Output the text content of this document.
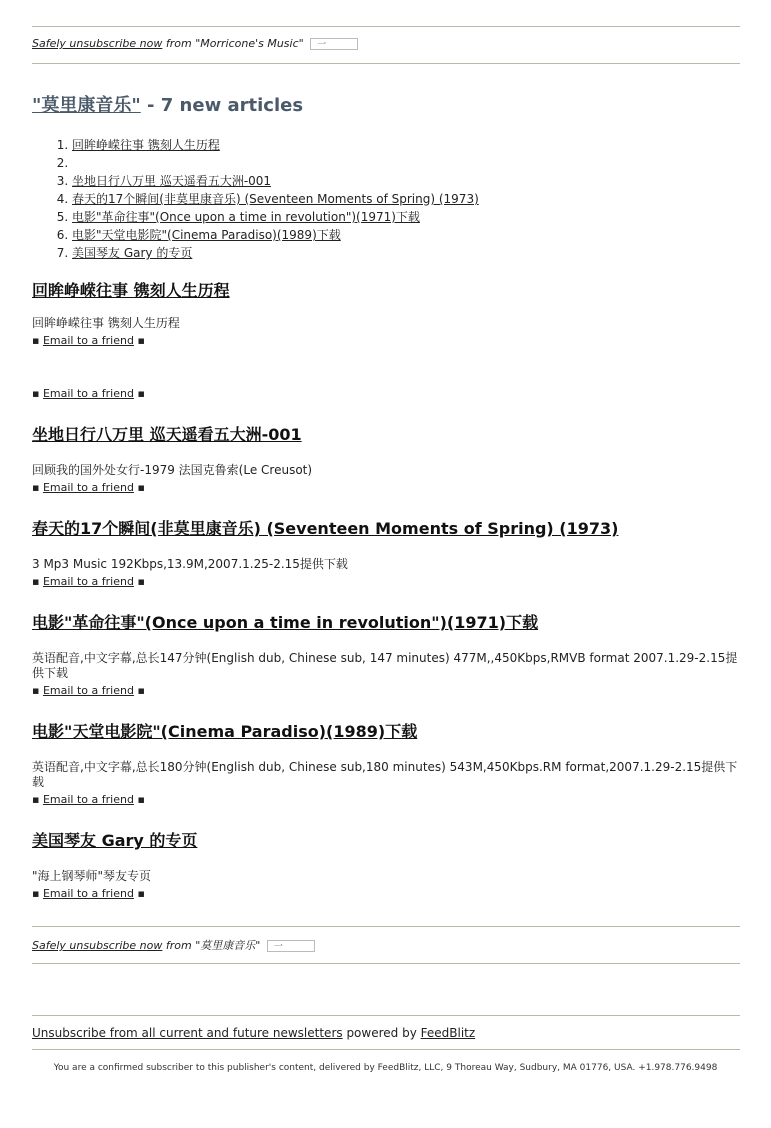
Safely unsubscribe now from "Morricone's Music" 一
"莫里康音乐" - 7 new articles
1. 回眸峥嵘往事 镌刻人生历程
2.
3. 坐地日行八万里 巡天遥看五大洲-001
4. 春天的17个瞬间(非莫里康音乐) (Seventeen Moments of Spring) (1973)
5. 电影"革命往事"(Once upon a time in revolution")(1971)下载
6. 电影"天堂电影院"(Cinema Paradiso)(1989)下载
7. 美国琴友 Gary 的专页
回眸峥嵘往事 镌刻人生历程
回眸峥嵘往事 镌刻人生历程
▪ Email to a friend ▪
▪ Email to a friend ▪
坐地日行八万里 巡天遥看五大洲-001
回顾我的国外处女行-1979 法国克鲁索(Le Creusot)
▪ Email to a friend ▪
春天的17个瞬间(非莫里康音乐) (Seventeen Moments of Spring) (1973)
3 Mp3 Music 192Kbps,13.9M,2007.1.25-2.15提供下载
▪ Email to a friend ▪
电影"革命往事"(Once upon a time in revolution")(1971)下载
英语配音,中文字幕,总长147分钟(English dub, Chinese sub, 147 minutes) 477M,,450Kbps,RMVB format 2007.1.29-2.15提供下载
▪ Email to a friend ▪
电影"天堂电影院"(Cinema Paradiso)(1989)下载
英语配音,中文字幕,总长180分钟(English dub, Chinese sub,180 minutes) 543M,450Kbps.RM format,2007.1.29-2.15提供下载
▪ Email to a friend ▪
美国琴友 Gary 的专页
"海上钢琴师"琴友专页
▪ Email to a friend ▪
Safely unsubscribe now from "莫里康音乐" 一
Unsubscribe from all current and future newsletters powered by FeedBlitz
You are a confirmed subscriber to this publisher's content, delivered by FeedBlitz, LLC, 9 Thoreau Way, Sudbury, MA 01776, USA. +1.978.776.9498
